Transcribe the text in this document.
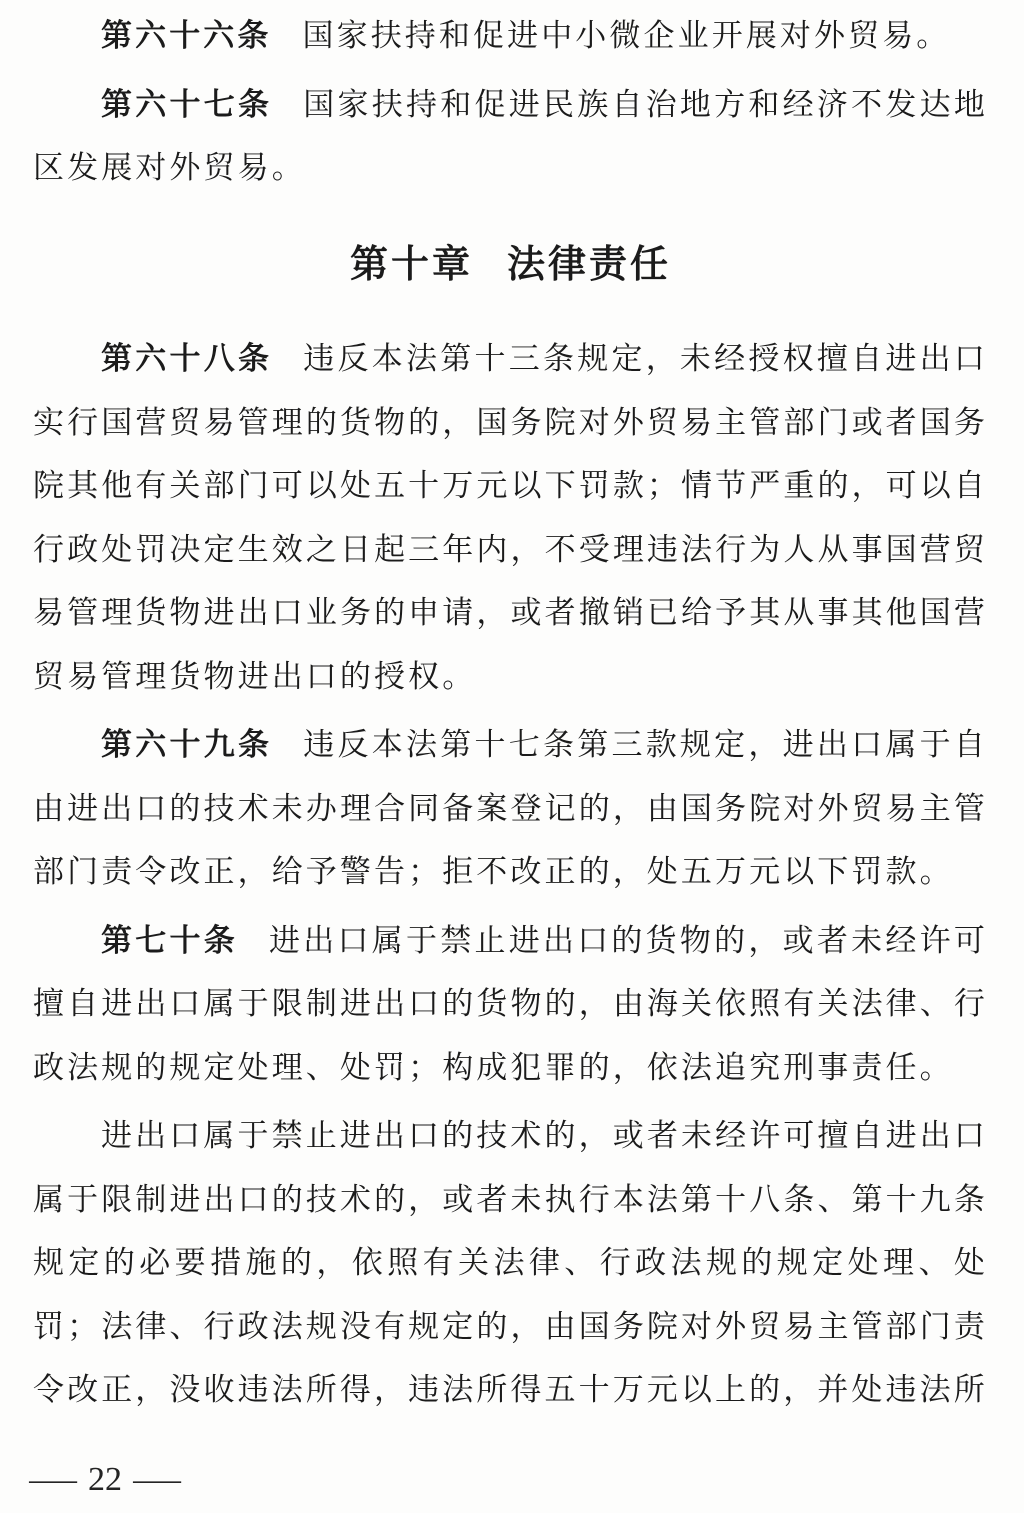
第六十六条 国家扶持和促进中小微企业开展对外贸易。

第六十七条 国家扶持和促进民族自治地方和经济不发达地区发展对外贸易。

第十章 法律责任

第六十八条 违反本法第十三条规定，未经授权擅自进出口实行国营贸易管理的货物的，国务院对外贸易主管部门或者国务院其他有关部门可以处五十万元以下罚款；情节严重的，可以自行政处罚决定生效之日起三年内，不受理违法行为人从事国营贸易管理货物进出口业务的申请，或者撤销已给予其从事其他国营贸易管理货物进出口的授权。

第六十九条 违反本法第十七条第三款规定，进出口属于自由进出口的技术未办理合同备案登记的，由国务院对外贸易主管部门责令改正，给予警告；拒不改正的，处五万元以下罚款。

第七十条 进出口属于禁止进出口的货物的，或者未经许可擅自进出口属于限制进出口的货物的，由海关依照有关法律、行政法规的规定处理、处罚；构成犯罪的，依法追究刑事责任。

进出口属于禁止进出口的技术的，或者未经许可擅自进出口属于限制进出口的技术的，或者未执行本法第十八条、第十九条规定的必要措施的，依照有关法律、行政法规的规定处理、处罚；法律、行政法规没有规定的，由国务院对外贸易主管部门责令改正，没收违法所得，违法所得五十万元以上的，并处违法所

— 22 —
